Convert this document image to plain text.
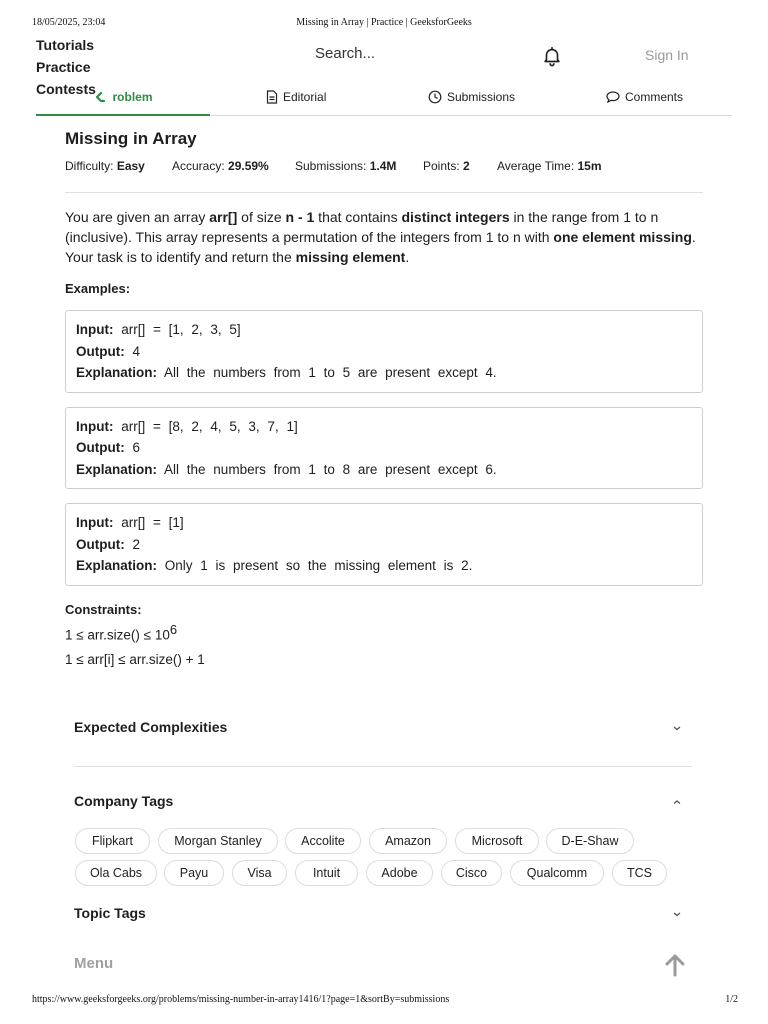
18/05/2025, 23:04	Missing in Array | Practice | GeeksforGeeks
Tutorials
Practice
Contests
Search...	Sign In
roblem	Editorial	Submissions	Comments
Missing in Array
Difficulty: Easy Accuracy: 29.59% Submissions: 1.4M Points: 2 Average Time: 15m

You are given an array arr[] of size n - 1 that contains distinct integers in the range from 1 to n (inclusive). This array represents a permutation of the integers from 1 to n with one element missing. Your task is to identify and return the missing element.

Examples:
Input: arr[] = [1, 2, 3, 5]
Output: 4
Explanation: All the numbers from 1 to 5 are present except 4.
Input: arr[] = [8, 2, 4, 5, 3, 7, 1]
Output: 6
Explanation: All the numbers from 1 to 8 are present except 6.
Input: arr[] = [1]
Output: 2
Explanation: Only 1 is present so the missing element is 2.
Constraints:
1 ≤ arr.size() ≤ $10^6$
1 ≤ arr[i] ≤ arr.size() + 1
Expected Complexities
Company Tags
Flipkart	Morgan Stanley	Accolite	Amazon	Microsoft	D-E-Shaw
Ola Cabs	Payu	Visa	Intuit	Adobe	Cisco	Qualcomm	TCS
Topic Tags
Menu
https://www.geeksforgeeks.org/problems/missing-number-in-array1416/1?page=1&sortBy=submissions	1/2
